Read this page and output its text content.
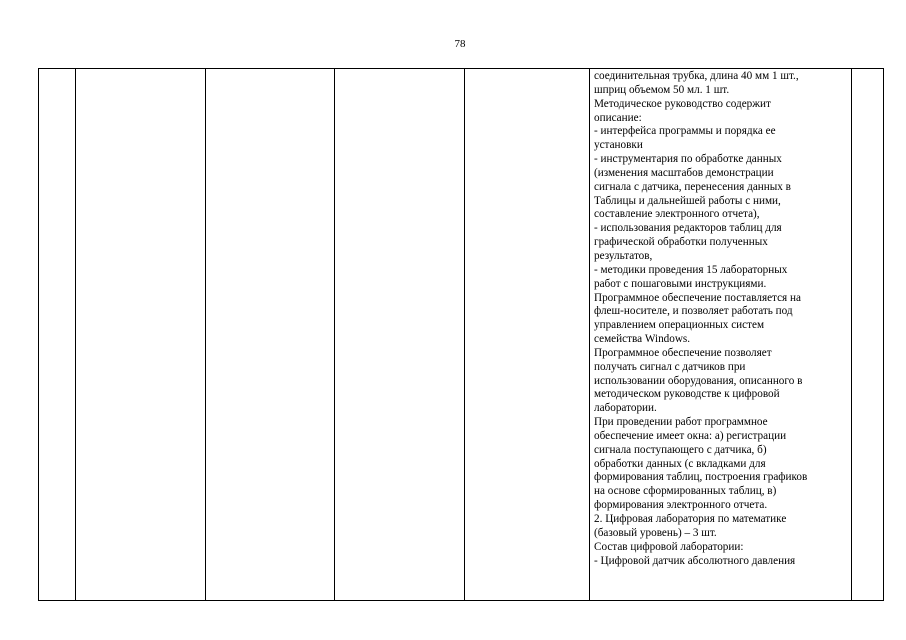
78

соединительная трубка, длина 40 мм 1 шт.,
шприц объемом 50 мл. 1 шт.
Методическое руководство содержит
описание:
- интерфейса программы и порядка ее
установки
- инструментария по обработке данных
(изменения масштабов демонстрации
сигнала с датчика, перенесения данных в
Таблицы и дальнейшей работы с ними,
составление электронного отчета),
- использования редакторов таблиц для
графической обработки полученных
результатов,
- методики проведения 15 лабораторных
работ с пошаговыми инструкциями.
Программное обеспечение поставляется на
флеш-носителе, и позволяет работать под
управлением операционных систем
семейства Windows.
Программное обеспечение позволяет
получать сигнал с датчиков при
использовании оборудования, описанного в
методическом руководстве к цифровой
лаборатории.
При проведении работ программное
обеспечение имеет окна: а) регистрации
сигнала поступающего с датчика, б)
обработки данных (с вкладками для
формирования таблиц, построения графиков
на основе сформированных таблиц, в)
формирования электронного отчета.
2. Цифровая лаборатория по математике
(базовый уровень) – 3 шт.
Состав цифровой лаборатории:
- Цифровой датчик абсолютного давления
